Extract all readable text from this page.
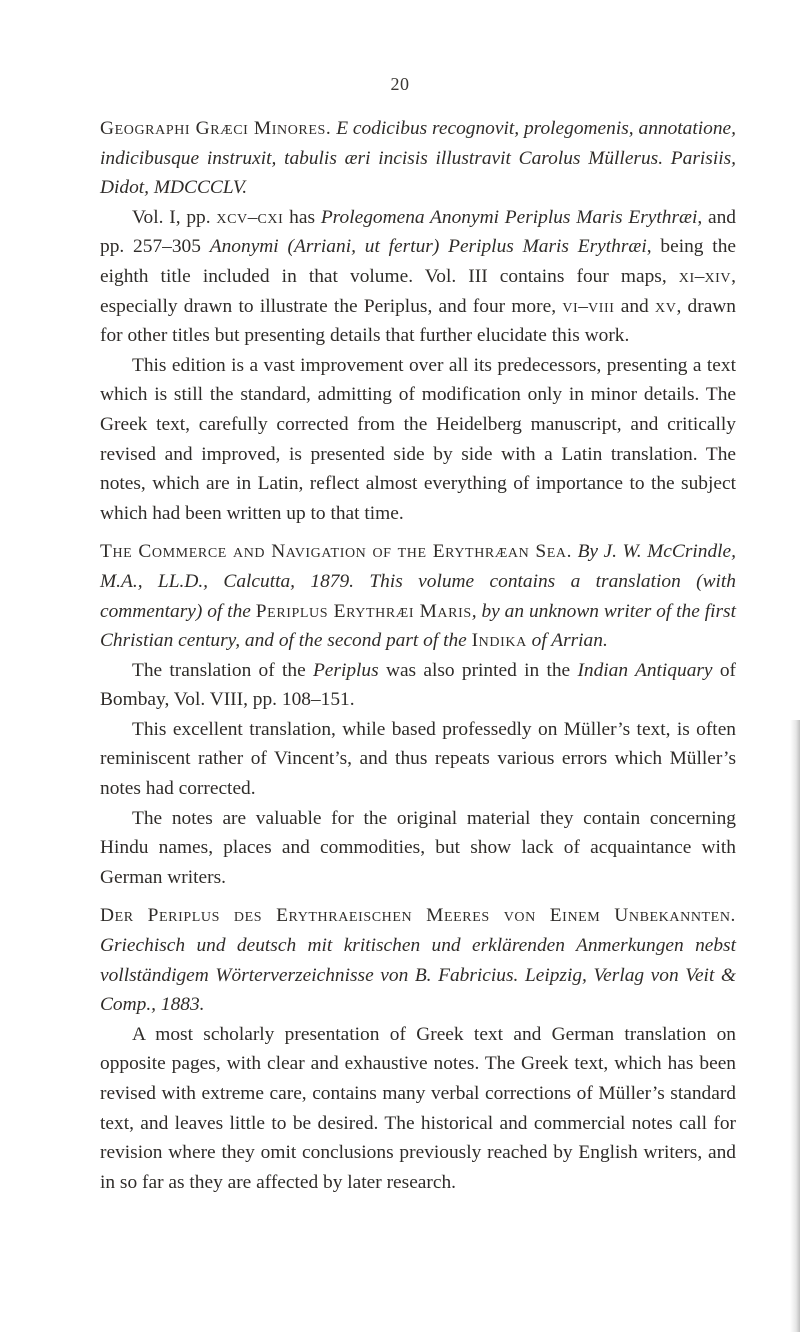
20

Geographi Græci Minores. E codicibus recognovit, prolegomenis, annotatione, indicibusque instruxit, tabulis æri incisis illustravit Carolus Müllerus. Parisiis, Didot, MDCCCLV.

Vol. I, pp. xcv–cxi has Prolegomena Anonymi Periplus Maris Erythræi, and pp. 257–305 Anonymi (Arriani, ut fertur) Periplus Maris Erythræi, being the eighth title included in that volume. Vol. III contains four maps, xi–xiv, especially drawn to illustrate the Periplus, and four more, vi–viii and xv, drawn for other titles but presenting details that further elucidate this work.

This edition is a vast improvement over all its predecessors, presenting a text which is still the standard, admitting of modification only in minor details. The Greek text, carefully corrected from the Heidelberg manuscript, and critically revised and improved, is presented side by side with a Latin translation. The notes, which are in Latin, reflect almost everything of importance to the subject which had been written up to that time.

The Commerce and Navigation of the Erythræan Sea. By J. W. McCrindle, M.A., LL.D., Calcutta, 1879. This volume contains a translation (with commentary) of the Periplus Erythræi Maris, by an unknown writer of the first Christian century, and of the second part of the Indika of Arrian.

The translation of the Periplus was also printed in the Indian Antiquary of Bombay, Vol. VIII, pp. 108–151.

This excellent translation, while based professedly on Müller’s text, is often reminiscent rather of Vincent’s, and thus repeats various errors which Müller’s notes had corrected.

The notes are valuable for the original material they contain concerning Hindu names, places and commodities, but show lack of acquaintance with German writers.

Der Periplus des Erythraeischen Meeres von Einem Unbekannten. Griechisch und deutsch mit kritischen und erklärenden Anmerkungen nebst vollständigem Wörterverzeichnisse von B. Fabricius. Leipzig, Verlag von Veit & Comp., 1883.

A most scholarly presentation of Greek text and German translation on opposite pages, with clear and exhaustive notes. The Greek text, which has been revised with extreme care, contains many verbal corrections of Müller’s standard text, and leaves little to be desired. The historical and commercial notes call for revision where they omit conclusions previously reached by English writers, and in so far as they are affected by later research.
